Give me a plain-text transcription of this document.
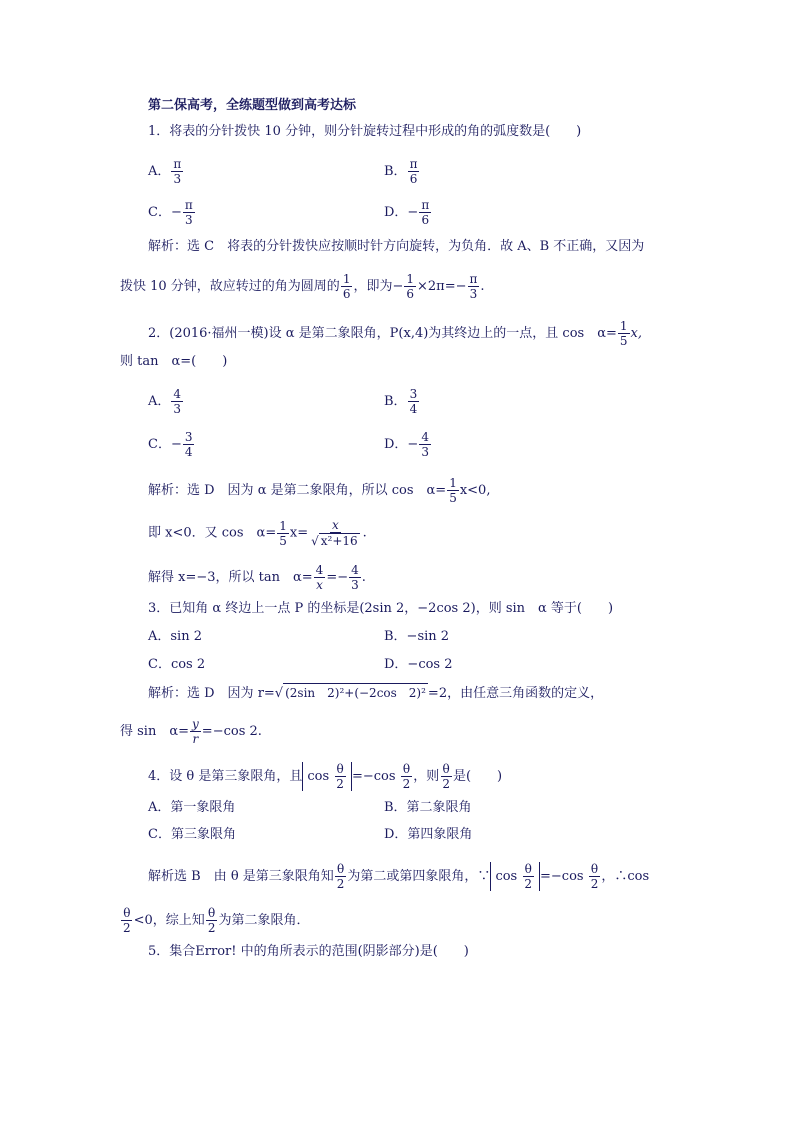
第二保高考，全练题型做到高考达标
1．将表的分针拨快 10 分钟，则分针旋转过程中形成的角的弧度数是(　　)
A． $\frac{\pi}{3}$	B． $\frac{\pi}{6}$
C．− $\frac{\pi}{3}$	D．− $\frac{\pi}{6}$
解析：选 C　将表的分针拨快应按顺时针方向旋转，为负角．故 A、B 不正确，又因为
拨快 10 分钟，故应转过的角为圆周的 $\frac{1}{6}$ ，即为− $\frac{1}{6} \times 2\pi=- \frac{\pi}{3}$ .
2．(2016·福州一模)设 α 是第二象限角，P(x,4)为其终边上的一点，且 cos　$\alpha= \frac{1}{5} x$,
则 tan　α=(　　)
A． $\frac{4}{3}$	B． $\frac{3}{4}$
C．− $\frac{3}{4}$	D．− $\frac{4}{3}$
解析：选 D　因为 α 是第二象限角，所以 cos　$\alpha= \frac{1}{5} x<0$,
即 x<0．又 cos　$\alpha= \frac{1}{5} x= \frac{x}{\text{√ x²+16}}$ .
解得 x=−3，所以 tan　$\alpha= \frac{4}{x} =- \frac{4}{3}$ .
3．已知角 α 终边上一点 P 的坐标是(2sin 2，−2cos 2)，则 sin　α 等于(　　)
A．sin 2	B．−sin 2
C．cos 2	D．−cos 2
解析：选 D　因为 r=√ (2sin　2)²+(−2cos　2)² =2，由任意三角函数的定义，
得 sin　$\alpha= \frac{y}{r} =-\cos$ 2.
4．设 θ 是第三象限角，且 $\cos \frac{\theta}{2} =-\cos \frac{\theta}{2}$ ，则 $\frac{\theta}{2}$ 是(　　)
A．第一象限角	B．第二象限角
C．第三象限角	D．第四象限角
解析选 B　由 θ 是第三象限角知 $\frac{\theta}{2}$ 为第二或第四象限角，∵ $\cos \frac{\theta}{2} =-\cos \frac{\theta}{2}$ ，∴cos
$\frac{\theta}{2} <0$，综上知 $\frac{\theta}{2}$ 为第二象限角．
5．集合Error! 中的角所表示的范围(阴影部分)是(　　)
